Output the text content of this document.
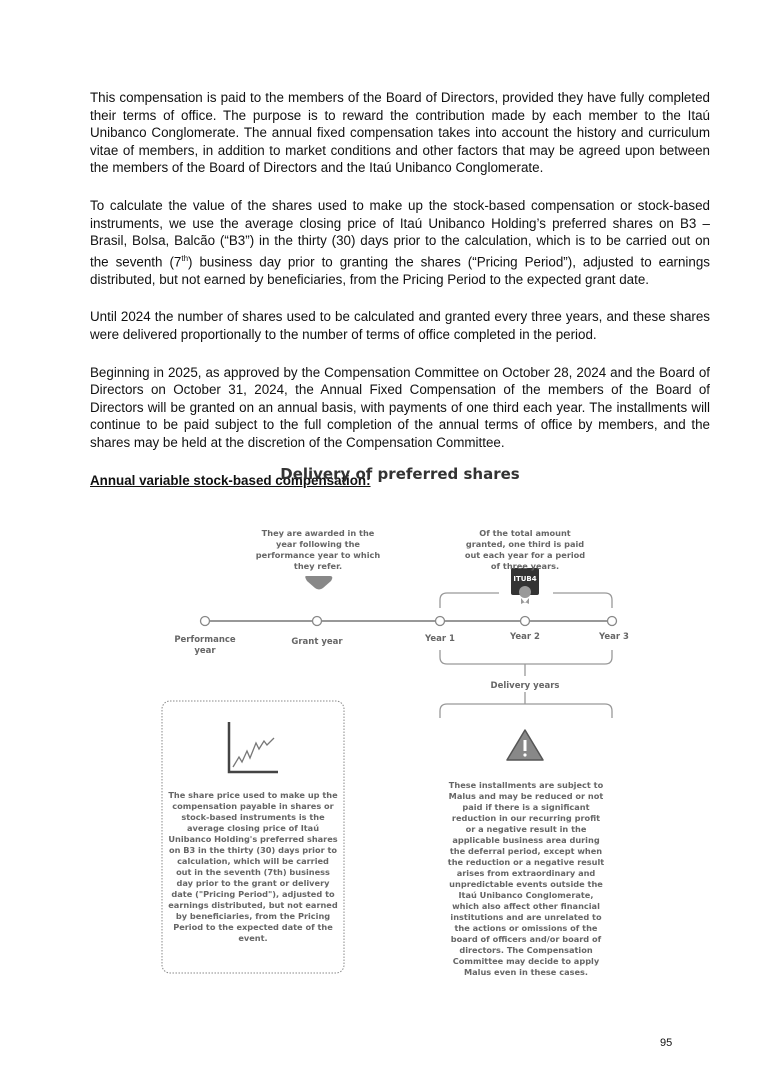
This compensation is paid to the members of the Board of Directors, provided they have fully completed their terms of office. The purpose is to reward the contribution made by each member to the Itaú Unibanco Conglomerate. The annual fixed compensation takes into account the history and curriculum vitae of members, in addition to market conditions and other factors that may be agreed upon between the members of the Board of Directors and the Itaú Unibanco Conglomerate.

To calculate the value of the shares used to make up the stock-based compensation or stock-based instruments, we use the average closing price of Itaú Unibanco Holding’s preferred shares on B3 – Brasil, Bolsa, Balcão (“B3”) in the thirty (30) days prior to the calculation, which is to be carried out on the seventh (7th) business day prior to granting the shares (“Pricing Period”), adjusted to earnings distributed, but not earned by beneficiaries, from the Pricing Period to the expected grant date.

Until 2024 the number of shares used to be calculated and granted every three years, and these shares were delivered proportionally to the number of terms of office completed in the period.

Beginning in 2025, as approved by the Compensation Committee on October 28, 2024 and the Board of Directors on October 31, 2024, the Annual Fixed Compensation of the members of the Board of Directors will be granted on an annual basis, with payments of one third each year. The installments will continue to be paid subject to the full completion of the annual terms of office by members, and the shares may be held at the discretion of the Compensation Committee.

Annual variable stock-based compensation:

Delivery of preferred shares
They are awarded in the year following the performance year to which they refer.
Of the total amount granted, one third is paid out each year for a period of three years.
ITUB4
Performance year
Grant year	Year 1	Year 2	Year 3
Delivery years
The share price used to make up the compensation payable in shares or stock-based instruments is the average closing price of Itaú Unibanco Holding's preferred shares on B3 in the thirty (30) days prior to calculation, which will be carried out in the seventh (7th) business day prior to the grant or delivery date ("Pricing Period"), adjusted to earnings distributed, but not earned by beneficiaries, from the Pricing Period to the expected date of the event.
These installments are subject to Malus and may be reduced or not paid if there is a significant reduction in our recurring profit or a negative result in the applicable business area during the deferral period, except when the reduction or a negative result arises from extraordinary and unpredictable events outside the Itaú Unibanco Conglomerate, which also affect other financial institutions and are unrelated to the actions or omissions of the board of officers and/or board of directors. The Compensation Committee may decide to apply Malus even in these cases.
95
